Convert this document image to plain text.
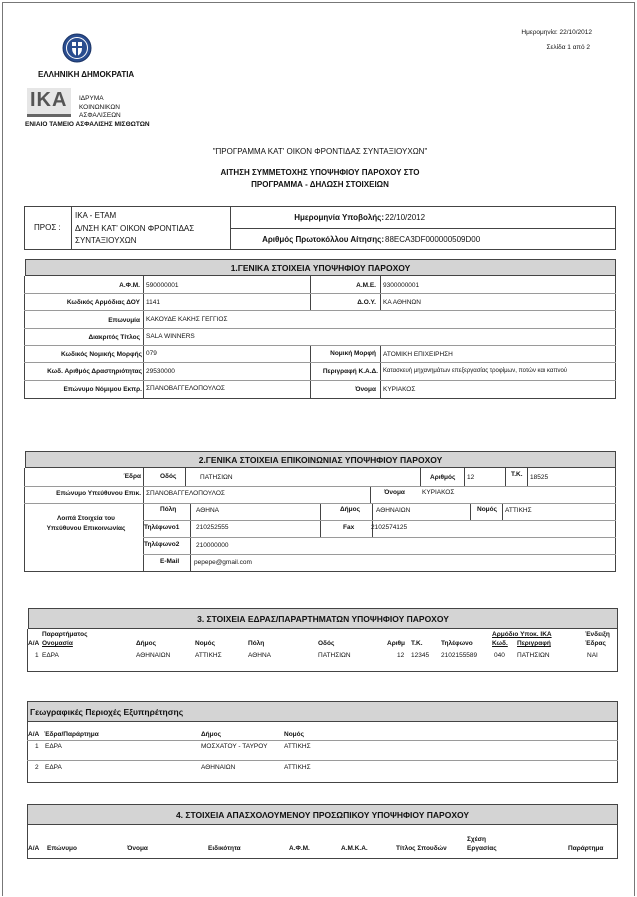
Ημερομηνία: 22/10/2012
Σελίδα 1 από 2
ΕΛΛΗΝΙΚΗ ΔΗΜΟΚΡΑΤΙΑ
IKA	ΙΔΡΥΜΑ
ΚΟΙΝΩΝΙΚΩΝ
ΑΣΦΑΛΙΣΕΩΝ
ΕΝΙΑΙΟ ΤΑΜΕΙΟ ΑΣΦΑΛΙΣΗΣ ΜΙΣΘΩΤΩΝ
"ΠΡΟΓΡΑΜΜΑ ΚΑΤ' ΟΙΚΟΝ ΦΡΟΝΤΙΔΑΣ ΣΥΝΤΑΞΙΟΥΧΩΝ"
ΑΙΤΗΣΗ ΣΥΜΜΕΤΟΧΗΣ ΥΠΟΨΗΦΙΟΥ ΠΑΡΟΧΟΥ ΣΤΟ
ΠΡΟΓΡΑΜΜΑ - ΔΗΛΩΣΗ ΣΤΟΙΧΕΙΩΝ
ΠΡΟΣ :
ΙΚΑ - ΕΤΑΜ
Δ/ΝΣΗ ΚΑΤ' ΟΙΚΟΝ ΦΡΟΝΤΙΔΑΣ
ΣΥΝΤΑΞΙΟΥΧΩΝ
Ημερομηνία Υποβολής: 22/10/2012
Αριθμός Πρωτοκόλλου Αίτησης: 88ECA3DF000000509D00
1.ΓΕΝΙΚΑ ΣΤΟΙΧΕΙΑ ΥΠΟΨΗΦΙΟΥ ΠΑΡΟΧΟΥ
Α.Φ.Μ. 590000001	Α.Μ.Ε. 9300000001
Κωδικός Αρμόδιας ΔΟΥ 1141	Δ.Ο.Υ. ΚΑ ΑΘΗΝΩΝ
Επωνυμία ΚΑΚΟΥΔΕ ΚΑΚΗΣ ΓΕΓΓΙΟΣ
Διακριτός Τίτλος SALA WINNERS
Κωδικός Νομικής Μορφής 079	Νομική Μορφή ΑΤΟΜΙΚΗ ΕΠΙΧΕΙΡΗΣΗ
Κωδ. Αριθμός Δραστηριότητας 29530000	Περιγραφή Κ.Α.Δ. Κατασκευή μηχανημάτων επεξεργασίας τροφίμων, ποτών και καπνού
Επώνυμο Νόμιμου Εκπρ. ΣΠΑΝΟΒΑΓΓΕΛΟΠΟΥΛΟΣ	Όνομα ΚΥΡΙΑΚΟΣ
2.ΓΕΝΙΚΑ ΣΤΟΙΧΕΙΑ ΕΠΙΚΟΙΝΩΝΙΑΣ ΥΠΟΨΗΦΙΟΥ ΠΑΡΟΧΟΥ
Έδρα	Οδός	ΠΑΤΗΣΙΩΝ	Αριθμός 12	Τ.Κ. 18525
Επώνυμο Υπεύθυνου Επικ. ΣΠΑΝΟΒΑΓΓΕΛΟΠΟΥΛΟΣ	Όνομα	ΚΥΡΙΑΚΟΣ
Λοιπά Στοιχεία του Υπεύθυνου Επικοινωνίας
Πόλη	ΑΘΗΝΑ	Δήμος ΑΘΗΝΑΙΩΝ	Νομός ΑΤΤΙΚΗΣ
Τηλέφωνο1	210252555	Fax	2102574125
Τηλέφωνο2	210000000
E-Mail pepepe@gmail.com
3. ΣΤΟΙΧΕΙΑ ΕΔΡΑΣ/ΠΑΡΑΡΤΗΜΑΤΩΝ ΥΠΟΨΗΦΙΟΥ ΠΑΡΟΧΟΥ
Παραρτήματος
Α/Α Ονομασία	Δήμος	Νομός	Πόλη	Οδός	Αριθμ Τ.Κ.	Τηλέφωνο
Αρμόδιο Υποκ. ΙΚΑ
Κωδ. Περιγραφή
Ένδειξη
Έδρας
1 ΕΔΡΑ	ΑΘΗΝΑΙΩΝ	ΑΤΤΙΚΗΣ	ΑΘΗΝΑ	ΠΑΤΗΣΙΩΝ	12 12345 2102155589	040 ΠΑΤΗΣΙΩΝ	ΝΑΙ
Γεωγραφικές Περιοχές Εξυπηρέτησης
Α/Α Έδρα/Παράρτημα	Δήμος	Νομός
1 ΕΔΡΑ	ΜΟΣΧΑΤΟΥ - ΤΑΥΡΟΥ	ΑΤΤΙΚΗΣ
2 ΕΔΡΑ	ΑΘΗΝΑΙΩΝ	ΑΤΤΙΚΗΣ
4. ΣΤΟΙΧΕΙΑ ΑΠΑΣΧΟΛΟΥΜΕΝΟΥ ΠΡΟΣΩΠΙΚΟΥ ΥΠΟΨΗΦΙΟΥ ΠΑΡΟΧΟΥ
Α/Α Επώνυμο	Όνομα	Ειδικότητα	Α.Φ.Μ.	Α.Μ.Κ.Α.	Τίτλος Σπουδών
Σχέση
Εργασίας	Παράρτημα
